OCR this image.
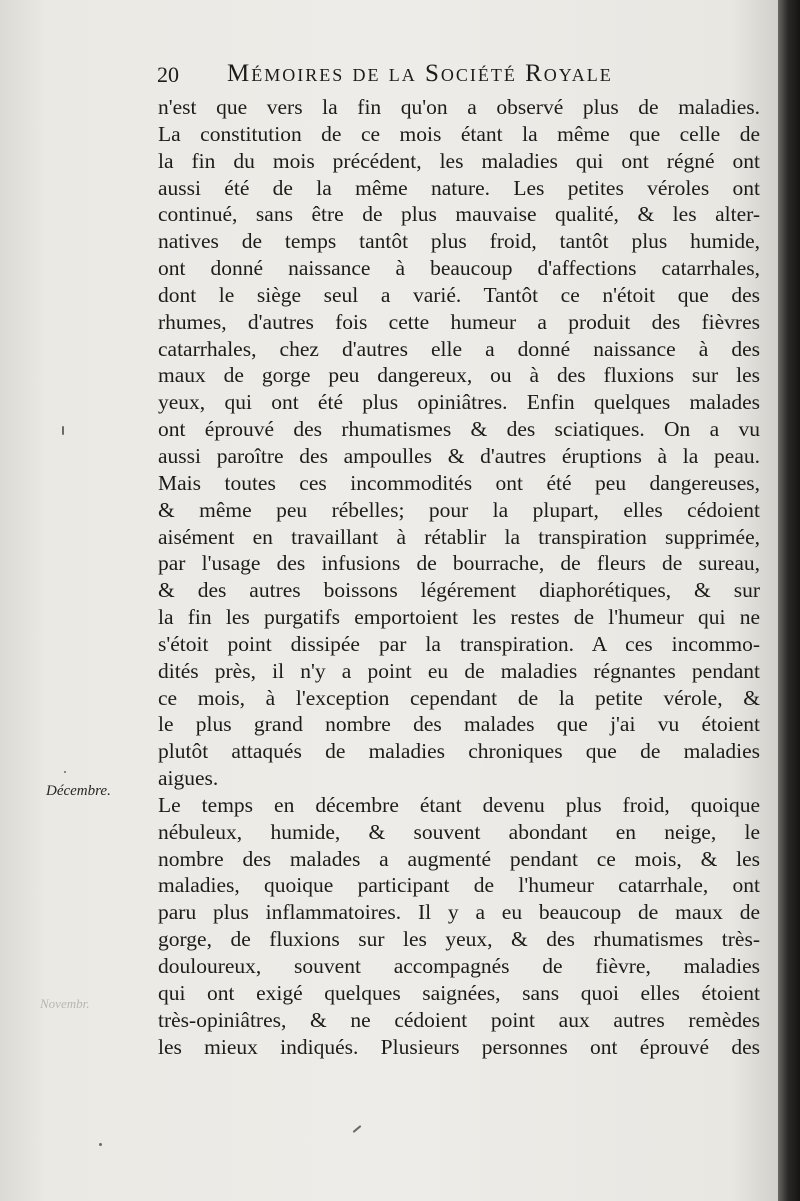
20 Mémoires de la Société Royale
n'est que vers la fin qu'on a observé plus de maladies.
La constitution de ce mois étant la même que celle de
la fin du mois précédent, les maladies qui ont régné ont
aussi été de la même nature. Les petites véroles ont
continué, sans être de plus mauvaise qualité, & les alter-
natives de temps tantôt plus froid, tantôt plus humide,
ont donné naissance à beaucoup d'affections catarrhales,
dont le siège seul a varié. Tantôt ce n'étoit que des
rhumes, d'autres fois cette humeur a produit des fièvres
catarrhales, chez d'autres elle a donné naissance à des
maux de gorge peu dangereux, ou à des fluxions sur les
yeux, qui ont été plus opiniâtres. Enfin quelques malades
ont éprouvé des rhumatismes & des sciatiques. On a vu
aussi paroître des ampoulles & d'autres éruptions à la peau.
Mais toutes ces incommodités ont été peu dangereuses,
& même peu rébelles; pour la plupart, elles cédoient
aisément en travaillant à rétablir la transpiration supprimée,
par l'usage des infusions de bourrache, de fleurs de sureau,
& des autres boissons légérement diaphorétiques, & sur
la fin les purgatifs emportoient les restes de l'humeur qui ne
s'étoit point dissipée par la transpiration. A ces incommo-
dités près, il n'y a point eu de maladies régnantes pendant
ce mois, à l'exception cependant de la petite vérole, &
le plus grand nombre des malades que j'ai vu étoient
plutôt attaqués de maladies chroniques que de maladies
aigues.
Le temps en décembre étant devenu plus froid, quoique
nébuleux, humide, & souvent abondant en neige, le
nombre des malades a augmenté pendant ce mois, & les
maladies, quoique participant de l'humeur catarrhale, ont
paru plus inflammatoires. Il y a eu beaucoup de maux de
gorge, de fluxions sur les yeux, & des rhumatismes très-
douloureux, souvent accompagnés de fièvre, maladies
qui ont exigé quelques saignées, sans quoi elles étoient
très-opiniâtres, & ne cédoient point aux autres remèdes
les mieux indiqués. Plusieurs personnes ont éprouvé des
Décembre.
Novembr.
